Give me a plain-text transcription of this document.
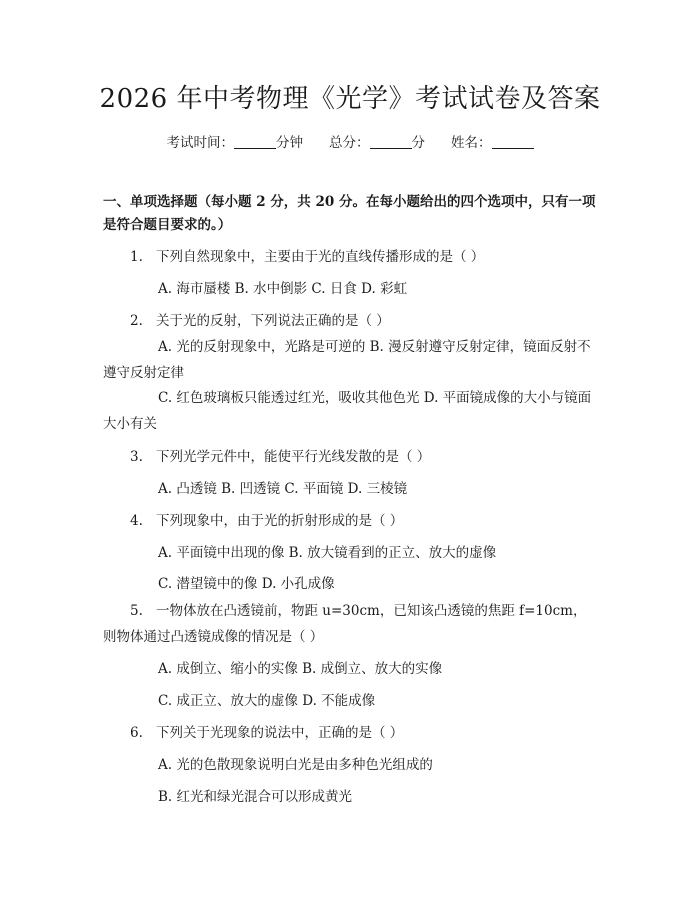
2026 年中考物理《光学》考试试卷及答案
考试时间：	分钟 总分：	分 姓名：
一、单项选择题（每小题 2 分，共 20 分。在每小题给出的四个选项中，只有一项是符合题目要求的。）
1. 下列自然现象中，主要由于光的直线传播形成的是（ ）
A. 海市蜃楼 B. 水中倒影 C. 日食 D. 彩虹
2. 关于光的反射，下列说法正确的是（ ）
A. 光的反射现象中，光路是可逆的 B. 漫反射遵守反射定律，镜面反射不遵守反射定律
C. 红色玻璃板只能透过红光，吸收其他色光 D. 平面镜成像的大小与镜面大小有关
3. 下列光学元件中，能使平行光线发散的是（ ）
A. 凸透镜 B. 凹透镜 C. 平面镜 D. 三棱镜
4. 下列现象中，由于光的折射形成的是（ ）
A. 平面镜中出现的像 B. 放大镜看到的正立、放大的虚像
C. 潜望镜中的像 D. 小孔成像
5. 一物体放在凸透镜前，物距 u=30cm，已知该凸透镜的焦距 f=10cm，则物体通过凸透镜成像的情况是（ ）
A. 成倒立、缩小的实像 B. 成倒立、放大的实像
C. 成正立、放大的虚像 D. 不能成像
6. 下列关于光现象的说法中，正确的是（ ）
A. 光的色散现象说明白光是由多种色光组成的
B. 红光和绿光混合可以形成黄光
